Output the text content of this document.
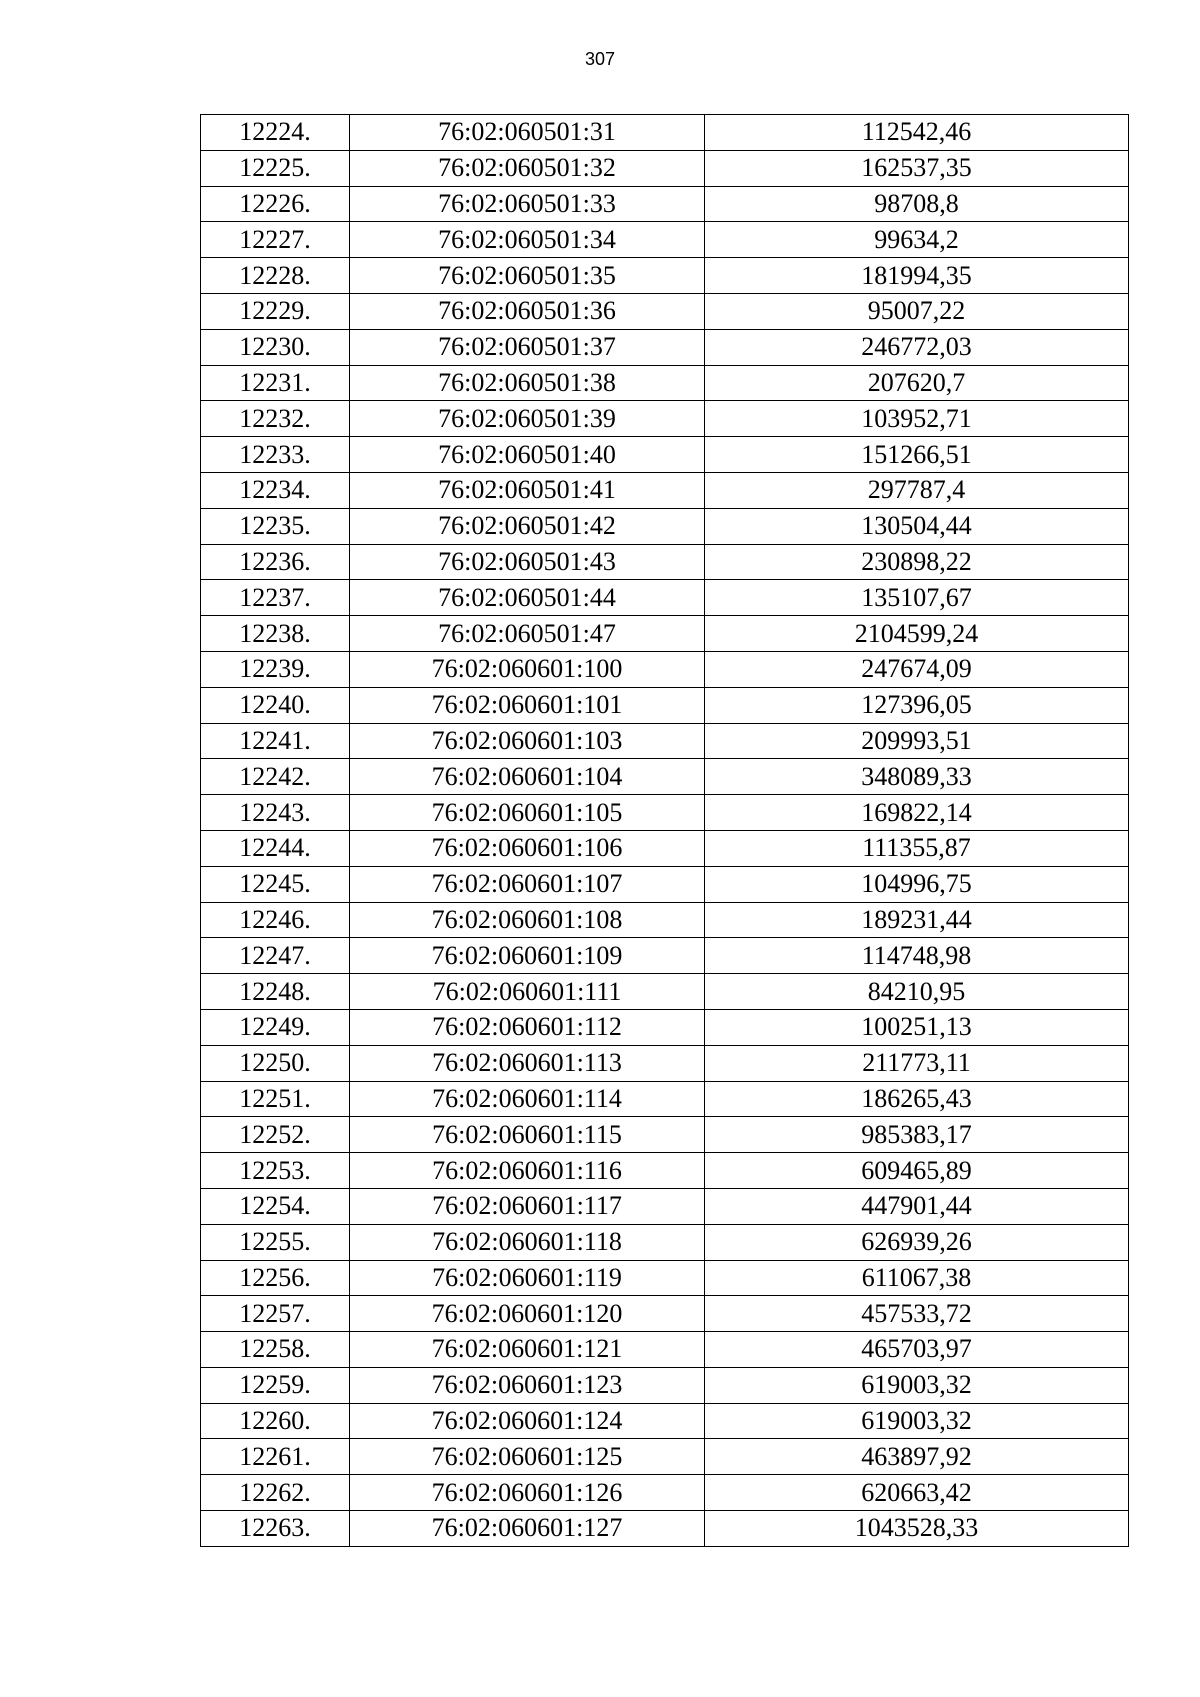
307
12224.	76:02:060501:31	112542,46
12225.	76:02:060501:32	162537,35
12226.	76:02:060501:33	98708,8
12227.	76:02:060501:34	99634,2
12228.	76:02:060501:35	181994,35
12229.	76:02:060501:36	95007,22
12230.	76:02:060501:37	246772,03
12231.	76:02:060501:38	207620,7
12232.	76:02:060501:39	103952,71
12233.	76:02:060501:40	151266,51
12234.	76:02:060501:41	297787,4
12235.	76:02:060501:42	130504,44
12236.	76:02:060501:43	230898,22
12237.	76:02:060501:44	135107,67
12238.	76:02:060501:47	2104599,24
12239.	76:02:060601:100	247674,09
12240.	76:02:060601:101	127396,05
12241.	76:02:060601:103	209993,51
12242.	76:02:060601:104	348089,33
12243.	76:02:060601:105	169822,14
12244.	76:02:060601:106	111355,87
12245.	76:02:060601:107	104996,75
12246.	76:02:060601:108	189231,44
12247.	76:02:060601:109	114748,98
12248.	76:02:060601:111	84210,95
12249.	76:02:060601:112	100251,13
12250.	76:02:060601:113	211773,11
12251.	76:02:060601:114	186265,43
12252.	76:02:060601:115	985383,17
12253.	76:02:060601:116	609465,89
12254.	76:02:060601:117	447901,44
12255.	76:02:060601:118	626939,26
12256.	76:02:060601:119	611067,38
12257.	76:02:060601:120	457533,72
12258.	76:02:060601:121	465703,97
12259.	76:02:060601:123	619003,32
12260.	76:02:060601:124	619003,32
12261.	76:02:060601:125	463897,92
12262.	76:02:060601:126	620663,42
12263.	76:02:060601:127	1043528,33
